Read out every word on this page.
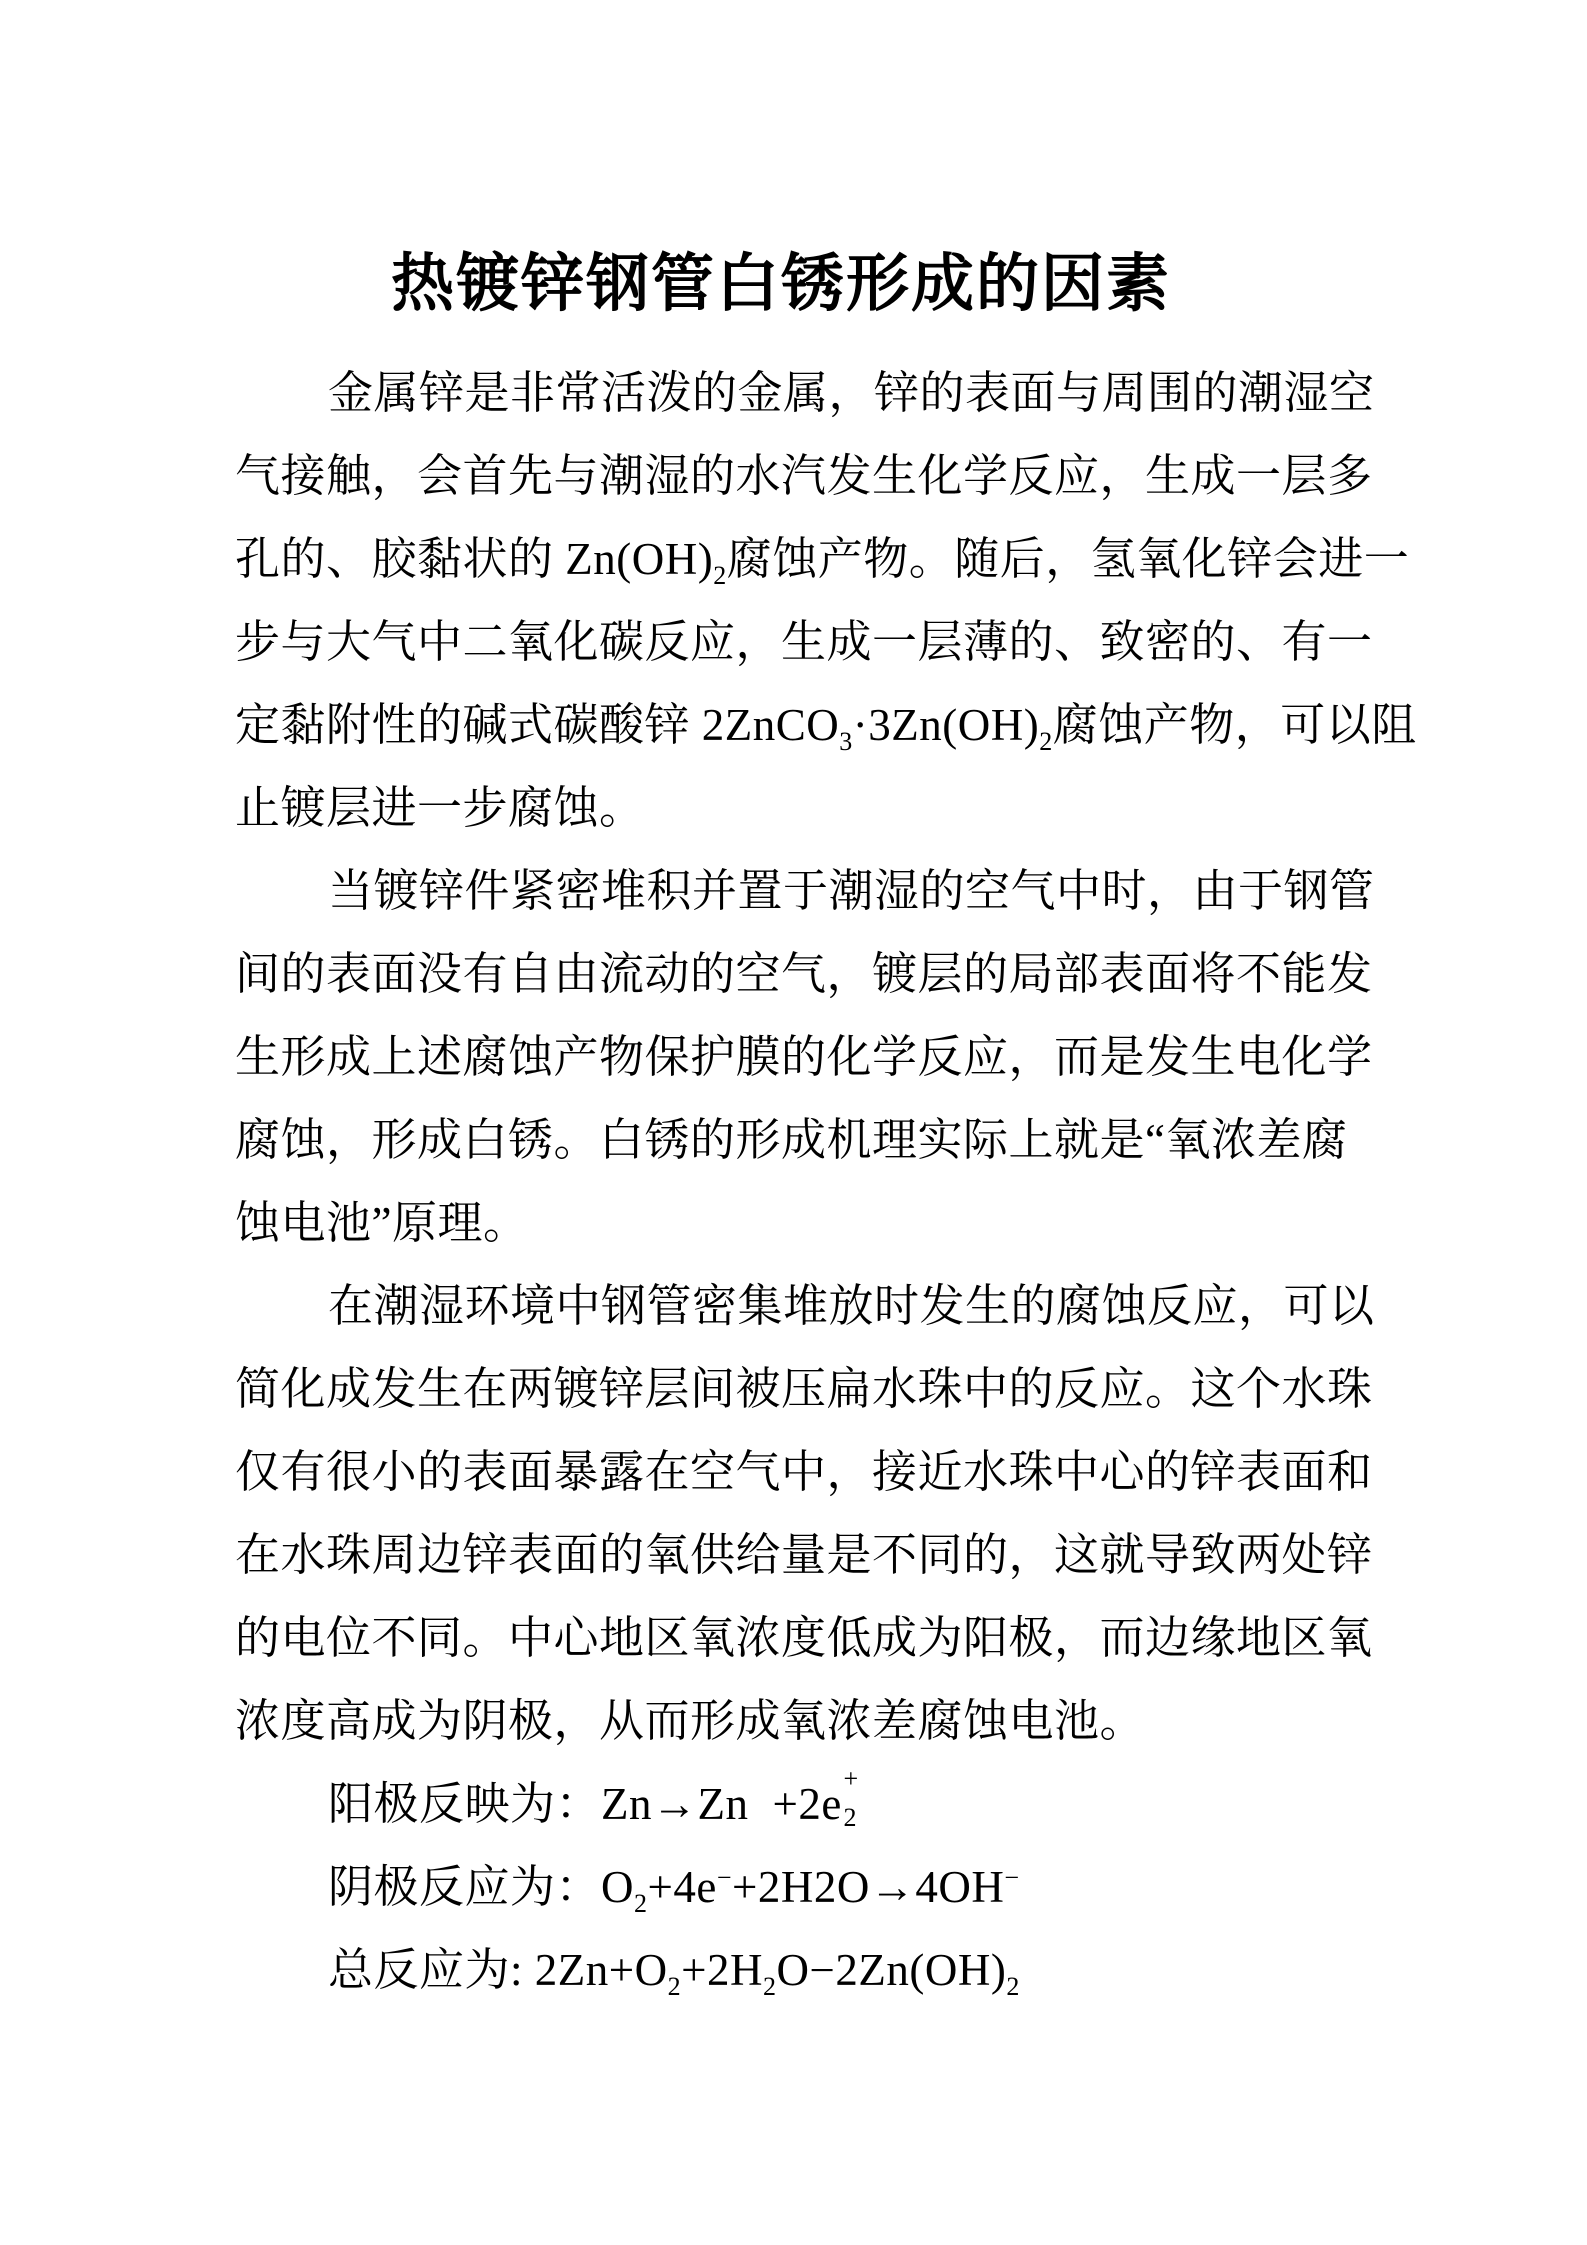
热镀锌钢管白锈形成的因素
金属锌是非常活泼的金属，锌的表面与周围的潮湿空
气接触，会首先与潮湿的水汽发生化学反应，生成一层多
孔的、胶黏状的 $Zn(OH)_2$腐蚀产物。随后，氢氧化锌会进一
步与大气中二氧化碳反应，生成一层薄的、致密的、有一
定黏附性的碱式碳酸锌 $2ZnCO_3\cdot 3Zn(OH)_2$腐蚀产物，可以阻
止镀层进一步腐蚀。
当镀锌件紧密堆积并置于潮湿的空气中时，由于钢管
间的表面没有自由流动的空气，镀层的局部表面将不能发
生形成上述腐蚀产物保护膜的化学反应，而是发生电化学
腐蚀，形成白锈。白锈的形成机理实际上就是“氧浓差腐
蚀电池”原理。
在潮湿环境中钢管密集堆放时发生的腐蚀反应，可以
简化成发生在两镀锌层间被压扁水珠中的反应。这个水珠
仅有很小的表面暴露在空气中，接近水珠中心的锌表面和
在水珠周边锌表面的氧供给量是不同的，这就导致两处锌
的电位不同。中心地区氧浓度低成为阳极，而边缘地区氧
浓度高成为阴极，从而形成氧浓差腐蚀电池。
阳极反映为：Zn→Zn
+
2
+2e
阴极反应为：$O_2+4e^-+2H2O\to 4OH^-$
总反应为: $2Zn+O_2+2H_2O-2Zn(OH)_2$
